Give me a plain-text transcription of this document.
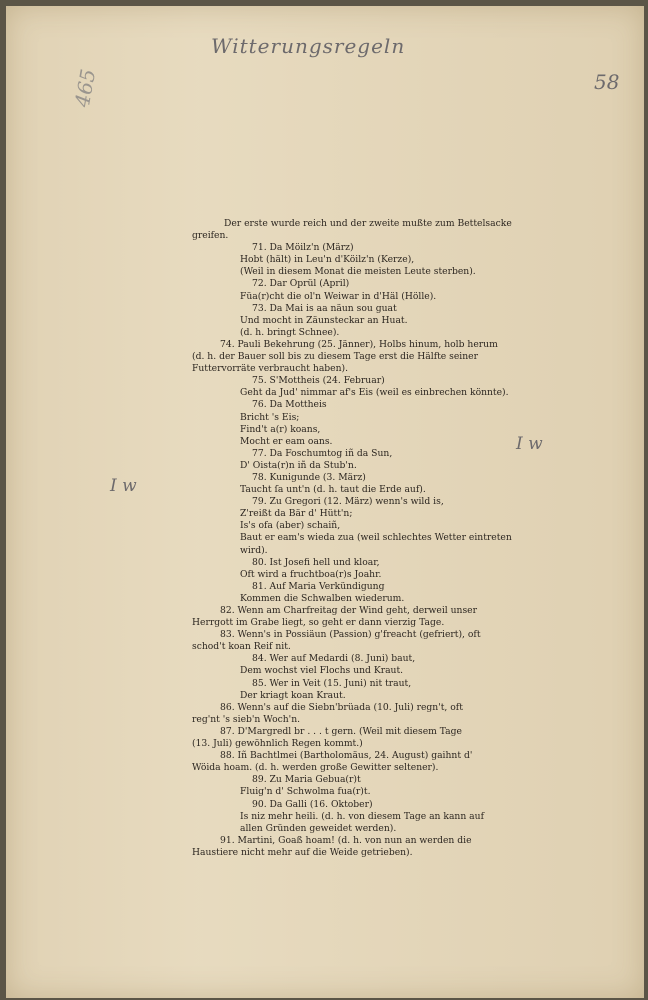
Witterungsregeln
58
465
I w
I w
Der erste wurde reich und der zweite mußte zum Bettelsacke
greifen.
71. Da Möilz'n (März)
Hobt (hält) in Leu'n d'Köilz'n (Kerze),
(Weil in diesem Monat die meisten Leute sterben).
72. Dar Oprül (April)
Füa(r)cht die ol'n Weiwar in d'Häl (Hölle).
73. Da Mai is aa näun sou guat
Und mocht in Zäunsteckar an Huat.
(d. h. bringt Schnee).
74. Pauli Bekehrung (25. Jänner), Holbs hinum, holb herum
(d. h. der Bauer soll bis zu diesem Tage erst die Hälfte seiner
Futtervorräte verbraucht haben).
75. S'Mottheis (24. Februar)
Geht da Jud' nimmar af's Eis (weil es einbrechen könnte).
76. Da Mottheis
Bricht 's Eis;
Find't a(r) koans,
Mocht er eam oans.
77. Da Foschumtog iñ da Sun,
D' Oista(r)n iñ da Stub'n.
78. Kunigunde (3. März)
Taucht ſa unt'n (d. h. taut die Erde auf).
79. Zu Gregori (12. März) wenn's wild is,
Z'reißt da Bär d' Hütt'n;
Is's ofa (aber) schaiñ,
Baut er eam's wieda zua (weil schlechtes Wetter eintreten
wird).
80. Ist Josefi hell und kloar,
Oft wird a fruchtboa(r)s Joahr.
81. Auf Maria Verkündigung
Kommen die Schwalben wiederum.
82. Wenn am Charfreitag der Wind geht, derweil unser
Herrgott im Grabe liegt, so geht er dann vierzig Tage.
83. Wenn's in Possiäun (Passion) g'freacht (gefriert), oft
schod't koan Reif nit.
84. Wer auf Medardi (8. Juni) baut,
Dem wochst viel Flochs und Kraut.
85. Wer in Veit (15. Juni) nit traut,
Der kriagt koan Kraut.
86. Wenn's auf die Siebn'brüada (10. Juli) regn't, oft
reg'nt 's sieb'n Woch'n.
87. D'Margredl br . . . t gern. (Weil mit diesem Tage
(13. Juli) gewöhnlich Regen kommt.)
88. Iñ Bachtlmei (Bartholomäus, 24. August) gaihnt d'
Wöida hoam. (d. h. werden große Gewitter seltener).
89. Zu Maria Gebua(r)t
Fluig'n d' Schwolma fua(r)t.
90. Da Galli (16. Oktober)
Is niz mehr heili. (d. h. von diesem Tage an kann auf
allen Gründen geweidet werden).
91. Martini, Goaß hoam! (d. h. von nun an werden die
Haustiere nicht mehr auf die Weide getrieben).
